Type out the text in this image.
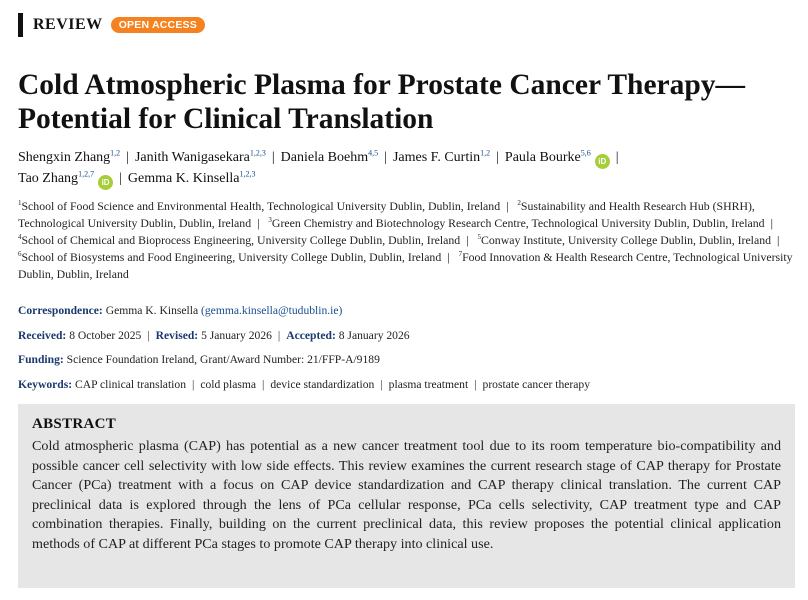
REVIEW	OPEN ACCESS
Cold Atmospheric Plasma for Prostate Cancer Therapy—
Potential for Clinical Translation
Shengxin Zhang$^{1,2}$ | Janith Wanigasekara$^{1,2,3}$ | Daniela Boehm$^{4,5}$ | James F. Curtin$^{1,2}$ | Paula Bourke$^{5,6}$iD |
Tao Zhang$^{1,2,7}$iD | Gemma K. Kinsella$^{1,2,3}$
$^1$School of Food Science and Environmental Health, Technological University Dublin, Dublin, Ireland | $^2$Sustainability and Health Research Hub (SHRH), Technological University Dublin, Dublin, Ireland | $^3$Green Chemistry and Biotechnology Research Centre, Technological University Dublin, Dublin, Ireland | $^4$School of Chemical and Bioprocess Engineering, University College Dublin, Dublin, Ireland | $^5$Conway Institute, University College Dublin, Dublin, Ireland | $^6$School of Biosystems and Food Engineering, University College Dublin, Dublin, Ireland | $^7$Food Innovation & Health Research Centre, Technological University Dublin, Dublin, Ireland
Correspondence: Gemma K. Kinsella (gemma.kinsella@tudublin.ie)
Received: 8 October 2025 | Revised: 5 January 2026 | Accepted: 8 January 2026
Funding: Science Foundation Ireland, Grant/Award Number: 21/FFP-A/9189
Keywords: CAP clinical translation | cold plasma | device standardization | plasma treatment | prostate cancer therapy
ABSTRACT

Cold atmospheric plasma (CAP) has potential as a new cancer treatment tool due to its room temperature bio-compatibility and possible cancer cell selectivity with low side effects. This review examines the current research stage of CAP therapy for Prostate Cancer (PCa) treatment with a focus on CAP device standardization and CAP therapy clinical translation. The current CAP preclinical data is explored through the lens of PCa cellular response, PCa cells selectivity, CAP treatment type and CAP combination therapies. Finally, building on the current preclinical data, this review proposes the potential clinical application methods of CAP at different PCa stages to promote CAP therapy into clinical use.
